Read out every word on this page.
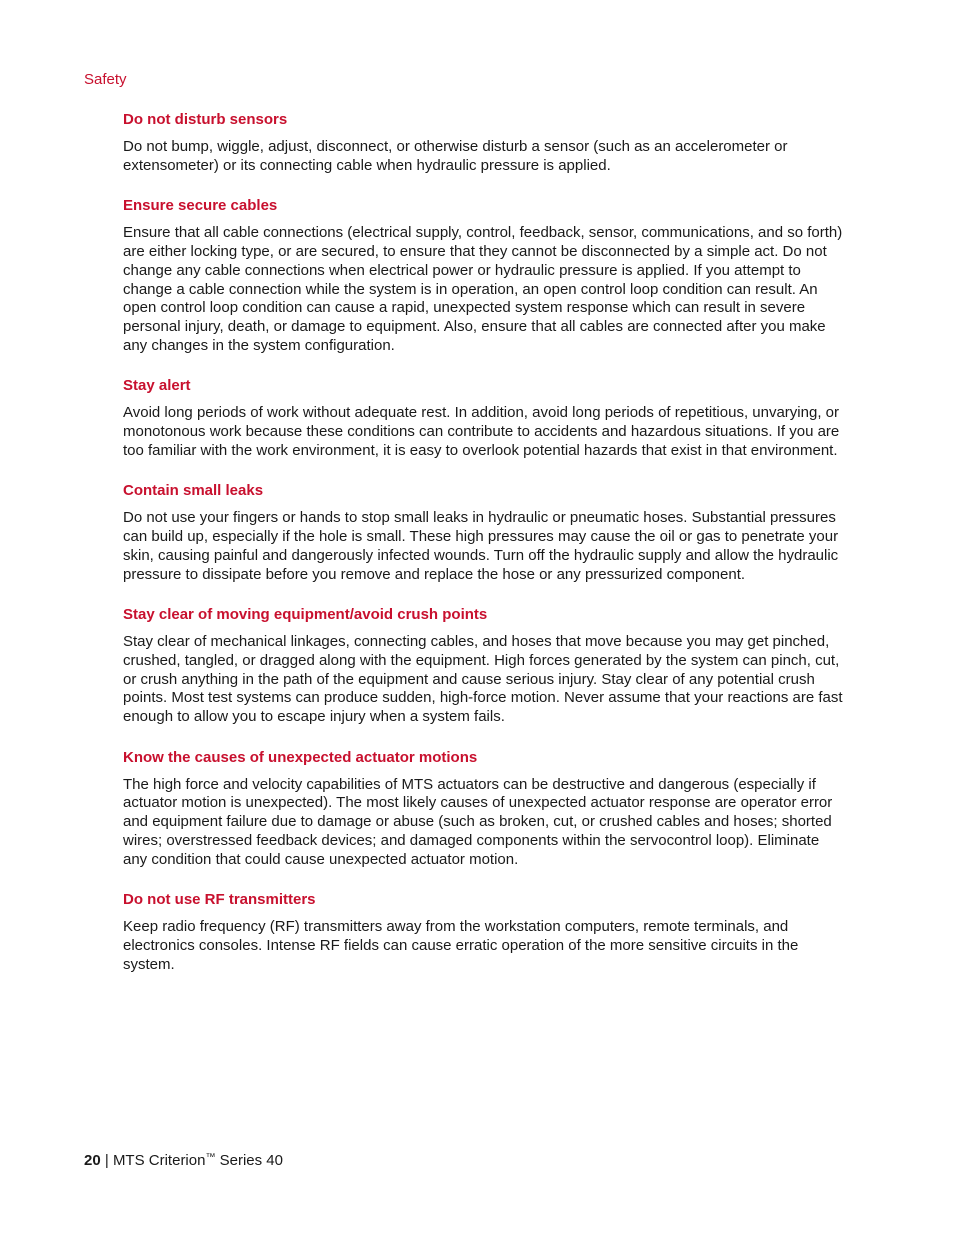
Safety
Do not disturb sensors

Do not bump, wiggle, adjust, disconnect, or otherwise disturb a sensor (such as an accelerometer or extensometer) or its connecting cable when hydraulic pressure is applied.

Ensure secure cables

Ensure that all cable connections (electrical supply, control, feedback, sensor, communications, and so forth) are either locking type, or are secured, to ensure that they cannot be disconnected by a simple act. Do not change any cable connections when electrical power or hydraulic pressure is applied. If you attempt to change a cable connection while the system is in operation, an open control loop condition can result. An open control loop condition can cause a rapid, unexpected system response which can result in severe personal injury, death, or damage to equipment. Also, ensure that all cables are connected after you make any changes in the system configuration.

Stay alert

Avoid long periods of work without adequate rest. In addition, avoid long periods of repetitious, unvarying, or monotonous work because these conditions can contribute to accidents and hazardous situations. If you are too familiar with the work environment, it is easy to overlook potential hazards that exist in that environment.

Contain small leaks

Do not use your fingers or hands to stop small leaks in hydraulic or pneumatic hoses. Substantial pressures can build up, especially if the hole is small. These high pressures may cause the oil or gas to penetrate your skin, causing painful and dangerously infected wounds. Turn off the hydraulic supply and allow the hydraulic pressure to dissipate before you remove and replace the hose or any pressurized component.

Stay clear of moving equipment/avoid crush points

Stay clear of mechanical linkages, connecting cables, and hoses that move because you may get pinched, crushed, tangled, or dragged along with the equipment. High forces generated by the system can pinch, cut, or crush anything in the path of the equipment and cause serious injury. Stay clear of any potential crush points. Most test systems can produce sudden, high-force motion. Never assume that your reactions are fast enough to allow you to escape injury when a system fails.

Know the causes of unexpected actuator motions

The high force and velocity capabilities of MTS actuators can be destructive and dangerous (especially if actuator motion is unexpected). The most likely causes of unexpected actuator response are operator error and equipment failure due to damage or abuse (such as broken, cut, or crushed cables and hoses; shorted wires; overstressed feedback devices; and damaged components within the servocontrol loop). Eliminate any condition that could cause unexpected actuator motion.

Do not use RF transmitters

Keep radio frequency (RF) transmitters away from the workstation computers, remote terminals, and electronics consoles. Intense RF fields can cause erratic operation of the more sensitive circuits in the system.

20 | MTS Criterion™ Series 40
